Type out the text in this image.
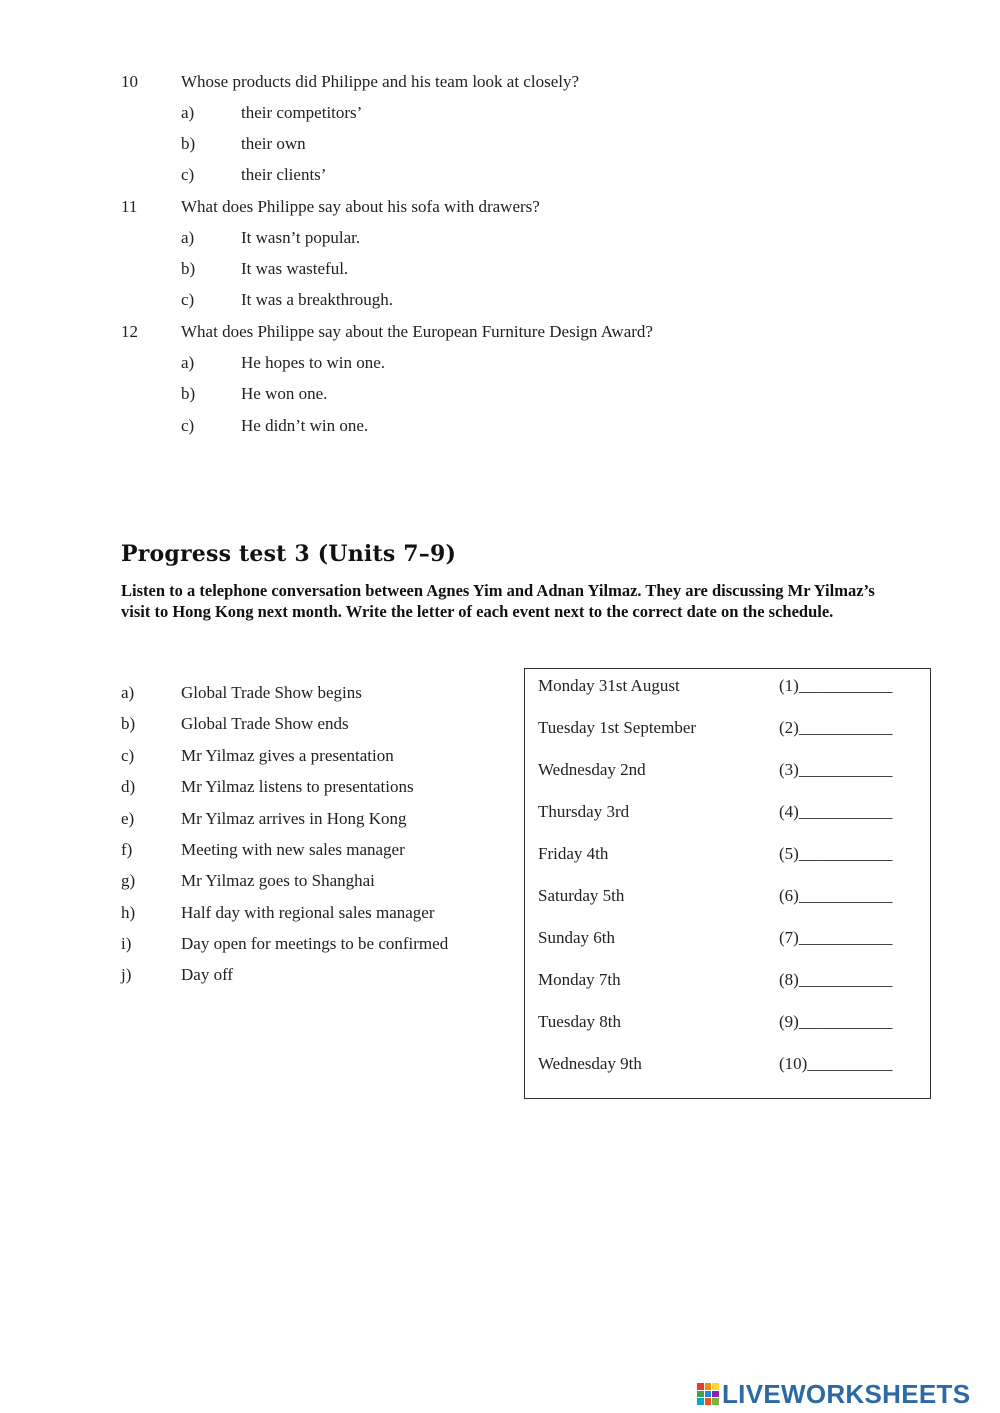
10	Whose products did Philippe and his team look at closely?
a)	their competitors’
b)	their own
c)	their clients’
11	What does Philippe say about his sofa with drawers?
a)	It wasn’t popular.
b)	It was wasteful.
c)	It was a breakthrough.
12	What does Philippe say about the European Furniture Design Award?
a)	He hopes to win one.
b)	He won one.
c)	He didn’t win one.
Progress test 3 (Units 7–9)
Listen to a telephone conversation between Agnes Yim and Adnan Yilmaz. They are discussing Mr Yilmaz’s visit to Hong Kong next month. Write the letter of each event next to the correct date on the schedule.
a)	Global Trade Show begins
b)	Global Trade Show ends
c)	Mr Yilmaz gives a presentation
d)	Mr Yilmaz listens to presentations
e)	Mr Yilmaz arrives in Hong Kong
f)	Meeting with new sales manager
g)	Mr Yilmaz goes to Shanghai
h)	Half day with regional sales manager
i)	Day open for meetings to be confirmed
j)	Day off
Monday 31st August	(1)___________
Tuesday 1st September	(2)___________
Wednesday 2nd	(3)___________
Thursday 3rd	(4)___________
Friday 4th	(5)___________
Saturday 5th	(6)___________
Sunday 6th	(7)___________
Monday 7th	(8)___________
Tuesday 8th	(9)___________
Wednesday 9th	(10)__________
LIVEWORKSHEETS
